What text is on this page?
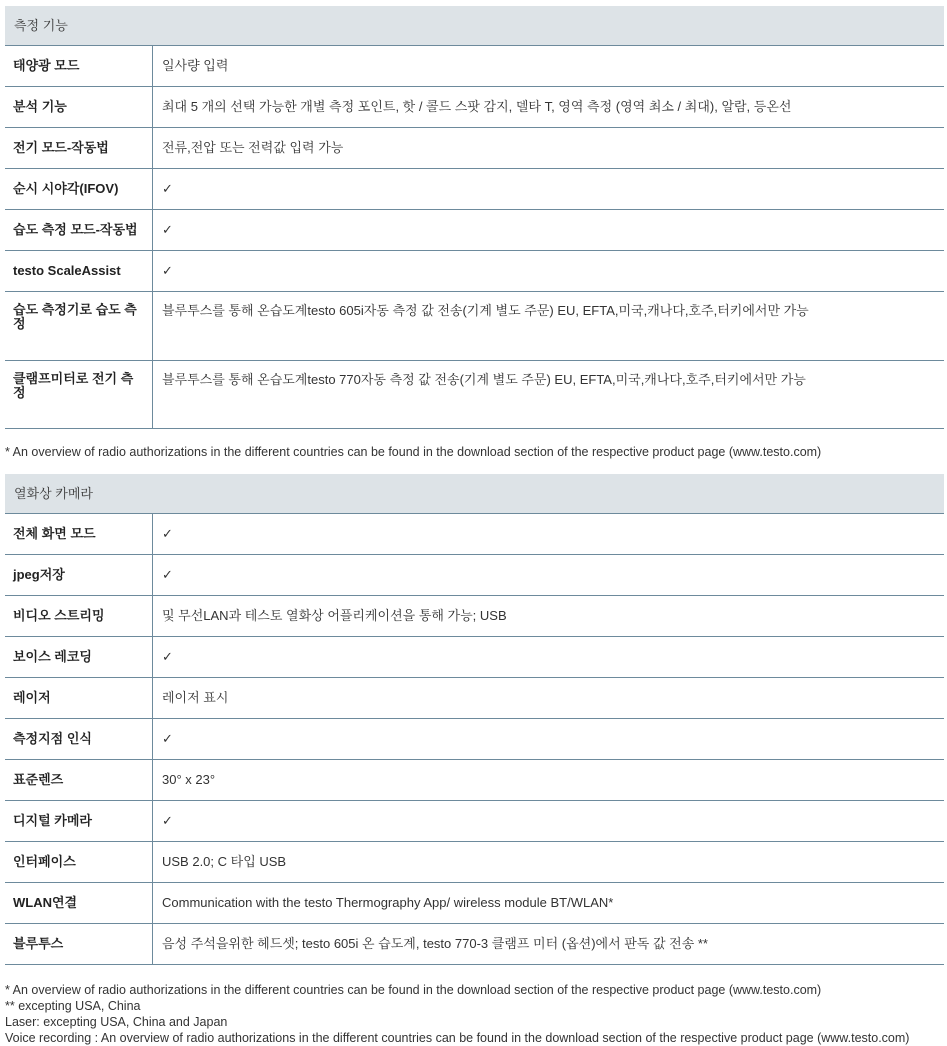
측정 기능
태양광 모드	일사량 입력
분석 기능	최대 5 개의 선택 가능한 개별 측정 포인트, 핫 / 콜드 스팟 감지, 델타 T, 영역 측정 (영역 최소 / 최대), 알람, 등온선
전기 모드-작동법	전류,전압 또는 전력값 입력 가능
순시 시야각(IFOV)	✓
습도 측정 모드-작동법	✓
testo ScaleAssist	✓
습도 측정기로 습도 측정	블루투스를 통해 온습도계testo 605i자동 측정 값 전송(기계 별도 주문) EU, EFTA,미국,캐나다,호주,터키에서만 가능
클램프미터로 전기 측정	블루투스를 통해 온습도계testo 770자동 측정 값 전송(기계 별도 주문) EU, EFTA,미국,캐나다,호주,터키에서만 가능
* An overview of radio authorizations in the different countries can be found in the download section of the respective product page (www.testo.com)
열화상 카메라
전체 화면 모드	✓
jpeg저장	✓
비디오 스트리밍	및 무선LAN과 테스토 열화상 어플리케이션을 통해 가능; USB
보이스 레코딩	✓
레이저	레이저 표시
측정지점 인식	✓
표준렌즈	30° x 23°
디지털 카메라	✓
인터페이스	USB 2.0; C 타입 USB
WLAN연결	Communication with the testo Thermography App/ wireless module BT/WLAN*
블루투스	음성 주석을위한 헤드셋; testo 605i 온 습도계, testo 770-3 클램프 미터 (옵션)에서 판독 값 전송 **
* An overview of radio authorizations in the different countries can be found in the download section of the respective product page (www.testo.com)
** excepting USA, China
Laser: excepting USA, China and Japan
Voice recording : An overview of radio authorizations in the different countries can be found in the download section of the respective product page (www.testo.com)
